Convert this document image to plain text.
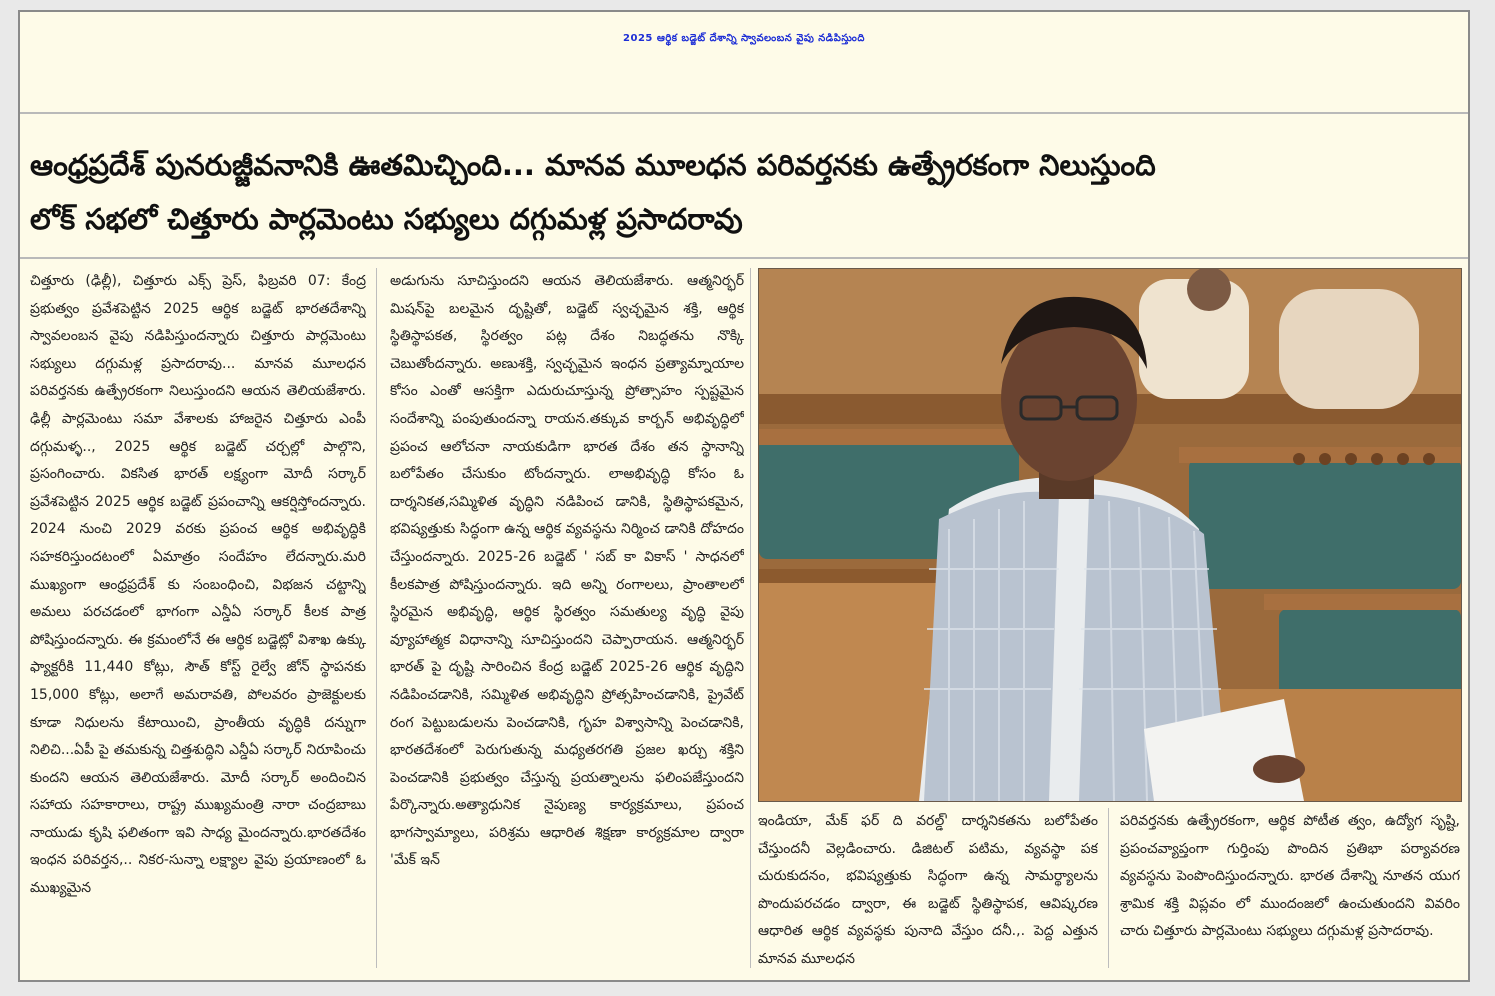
2025 ఆర్థిక బడ్జెట్ దేశాన్ని స్వావలంబన వైపు నడిపిస్తుంది
ఆంధ్రప్రదేశ్ పునరుజ్జీవనానికి ఊతమిచ్చింది... మానవ మూలధన పరివర్తనకు ఉత్ప్రేరకంగా నిలుస్తుంది
లోక్ సభలో చిత్తూరు పార్లమెంటు సభ్యులు దగ్గుమళ్ల ప్రసాదరావు

చిత్తూరు (ఢిల్లీ), చిత్తూరు ఎక్స్ ప్రెస్, ఫిబ్రవరి 07: కేంద్ర ప్రభుత్వం ప్రవేశపెట్టిన 2025 ఆర్థిక బడ్జెట్ భారతదేశాన్ని స్వావలంబన వైపు నడిపిస్తుందన్నారు చిత్తూరు పార్లమెంటు సభ్యులు దగ్గుమళ్ల ప్రసాదరావు... మానవ మూలధన పరివర్తనకు ఉత్ప్రేరకంగా నిలుస్తుందని ఆయన తెలియజేశారు. ఢిల్లీ పార్లమెంటు సమా వేశాలకు హాజరైన చిత్తూరు ఎంపీ దగ్గుమళ్ళ.., 2025 ఆర్థిక బడ్జెట్ చర్చల్లో పాల్గొని, ప్రసంగించారు. వికసిత భారత్ లక్ష్యంగా మోదీ సర్కార్ ప్రవేశపెట్టిన 2025 ఆర్థిక బడ్జెట్ ప్రపంచాన్ని ఆకర్షిస్తోందన్నారు. 2024 నుంచి 2029 వరకు ప్రపంచ ఆర్థిక అభివృద్ధికి సహకరిస్తుందటంలో ఏమాత్రం సందేహం లేదన్నారు.మరి ముఖ్యంగా ఆంధ్రప్రదేశ్ కు సంబంధించి, విభజన చట్టాన్ని అమలు పరచడంలో భాగంగా ఎన్డీఏ సర్కార్ కీలక పాత్ర పోషిస్తుందన్నారు. ఈ క్రమంలోనే ఈ ఆర్థిక బడ్జెట్లో విశాఖ ఉక్కు ఫ్యాక్టరీకి 11,440 కోట్లు, సౌత్ కోస్ట్ రైల్వే జోన్ స్థాపనకు 15,000 కోట్లు, అలాగే అమరావతి, పోలవరం ప్రాజెక్టులకు కూడా నిధులను కేటాయించి, ప్రాంతీయ వృద్ధికి దన్నుగా నిలిచి...ఏపీ పై తమకున్న చిత్తశుద్ధిని ఎన్డీఏ సర్కార్ నిరూపించు కుందని ఆయన తెలియజేశారు. మోదీ సర్కార్ అందించిన సహాయ సహకారాలు, రాష్ట్ర ముఖ్యమంత్రి నారా చంద్రబాబు నాయుడు కృషి ఫలితంగా ఇవి సాధ్య మైందన్నారు.భారతదేశం ఇంధన పరివర్తన,.. నికర-సున్నా లక్ష్యాల వైపు ప్రయాణంలో ఓ ముఖ్యమైన

అడుగును సూచిస్తుందని ఆయన తెలియజేశారు. ఆత్మనిర్భర్ మిషన్‌పై బలమైన దృష్టితో, బడ్జెట్ స్వచ్ఛమైన శక్తి, ఆర్థిక స్థితిస్థాపకత, స్థిరత్వం పట్ల దేశం నిబద్ధతను నొక్కి చెబుతోందన్నారు. అణుశక్తి, స్వచ్ఛమైన ఇంధన ప్రత్యామ్నాయాల కోసం ఎంతో ఆసక్తిగా ఎదురుచూస్తున్న ప్రోత్సాహం స్పష్టమైన సందేశాన్ని పంపుతుందన్నా రాయన.తక్కువ కార్బన్ అభివృద్ధిలో ప్రపంచ ఆలోచనా నాయకుడిగా భారత దేశం తన స్థానాన్ని బలోపేతం చేసుకుం టోందన్నారు. లాఅభివృద్ధి కోసం ఓ దార్శనికత,సమ్మిళిత వృద్ధిని నడిపించ డానికి, స్థితిస్థాపకమైన, భవిష్యత్తుకు సిద్ధంగా ఉన్న ఆర్థిక వ్యవస్థను నిర్మించ డానికి దోహదం చేస్తుందన్నారు. 2025-26 బడ్జెట్ ' సబ్ కా వికాస్ ' సాధనలో కీలకపాత్ర పోషిస్తుందన్నారు. ఇది అన్ని రంగాలలు, ప్రాంతాలలో స్థిరమైన అభివృద్ధి, ఆర్థిక స్థిరత్వం సమతుల్య వృద్ధి వైపు వ్యూహాత్మక విధానాన్ని సూచిస్తుందని చెప్పారాయన. ఆత్మనిర్భర్ భారత్ పై దృష్టి సారించిన కేంద్ర బడ్జెట్ 2025-26 ఆర్థిక వృద్ధిని నడిపించడానికి, సమ్మిళిత అభివృద్ధిని ప్రోత్సహించడానికి, ప్రైవేట్ రంగ పెట్టుబడులను పెంచడానికి, గృహ విశ్వాసాన్ని పెంచడానికి, భారతదేశంలో పెరుగుతున్న మధ్యతరగతి ప్రజల ఖర్చు శక్తిని పెంచడానికి ప్రభుత్వం చేస్తున్న ప్రయత్నాలను ఫలింపజేస్తుందని పేర్కొన్నారు.అత్యాధునిక నైపుణ్య కార్యక్రమాలు, ప్రపంచ భాగస్వామ్యాలు, పరిశ్రమ ఆధారిత శిక్షణా కార్యక్రమాల ద్వారా 'మేక్ ఇన్

ఇండియా, మేక్ ఫర్ ది వరల్డ్' దార్శనికతను బలోపేతం చేస్తుందనీ వెల్లడించారు. డిజిటల్ పటిమ, వ్యవస్థా పక చురుకుదనం, భవిష్యత్తుకు సిద్ధంగా ఉన్న సామర్థ్యాలను పొందుపరచడం ద్వారా, ఈ బడ్జెట్ స్థితిస్థాపక, ఆవిష్కరణ ఆధారిత ఆర్థిక వ్యవస్థకు పునాది వేస్తుం దనీ.,. పెద్ద ఎత్తున మానవ మూలధన

పరివర్తనకు ఉత్ప్రేరకంగా, ఆర్థిక పోటీత త్వం, ఉద్యోగ సృష్టి, ప్రపంచవ్యాప్తంగా గుర్తింపు పొందిన ప్రతిభా పర్యావరణ వ్యవస్థను పెంపొందిస్తుందన్నారు. భారత దేశాన్ని నూతన యుగ శ్రామిక శక్తి విప్లవం లో ముందంజలో ఉంచుతుందని వివరిం చారు చిత్తూరు పార్లమెంటు సభ్యులు దగ్గుమళ్ల ప్రసాదరావు.
